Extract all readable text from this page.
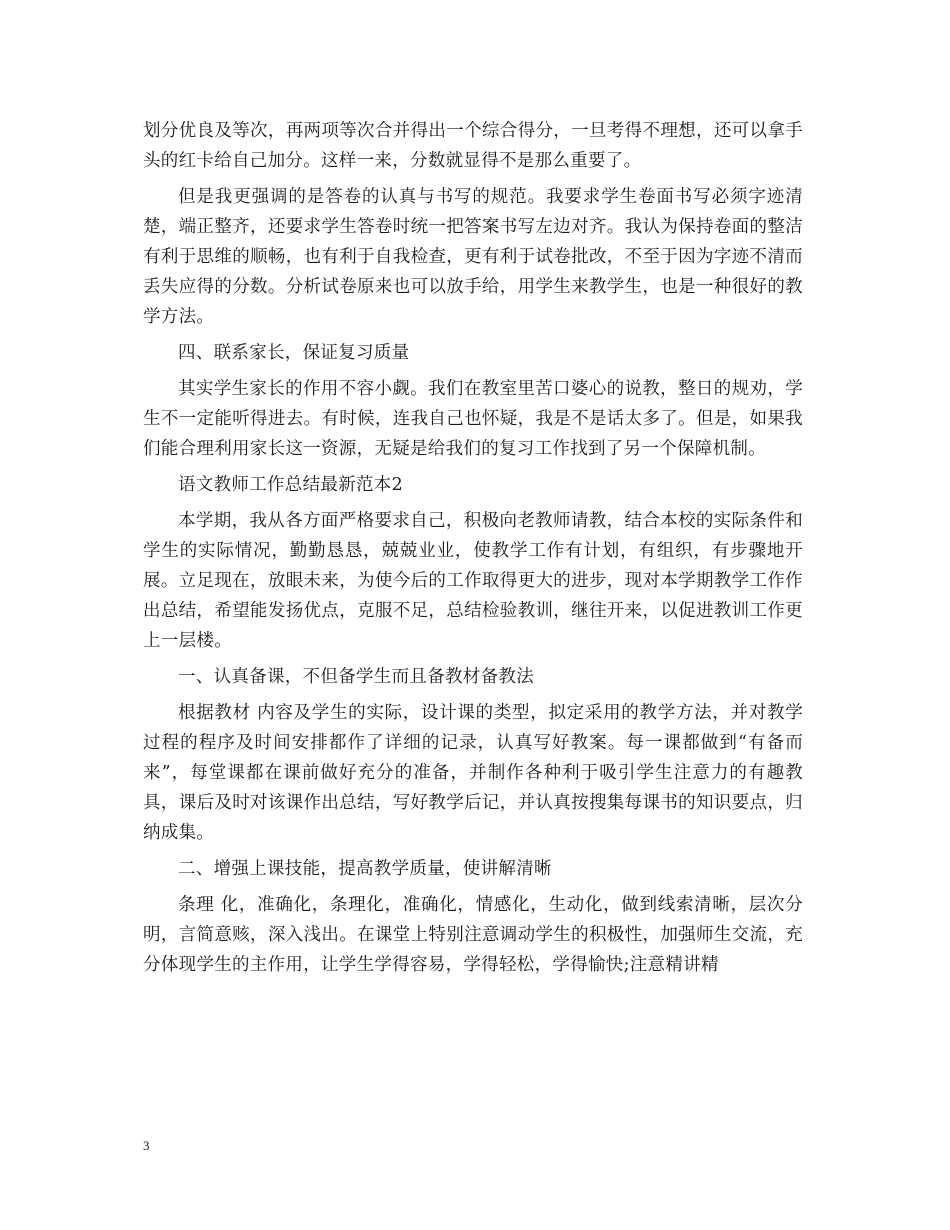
划分优良及等次，再两项等次合并得出一个综合得分，一旦考得不理想，还可以拿手头的红卡给自己加分。这样一来，分数就显得不是那么重要了。

但是我更强调的是答卷的认真与书写的规范。我要求学生卷面书写必须字迹清楚，端正整齐，还要求学生答卷时统一把答案书写左边对齐。我认为保持卷面的整洁有利于思维的顺畅，也有利于自我检查，更有利于试卷批改，不至于因为字迹不清而丢失应得的分数。分析试卷原来也可以放手给，用学生来教学生，也是一种很好的教学方法。

四、联系家长，保证复习质量

其实学生家长的作用不容小觑。我们在教室里苦口婆心的说教，整日的规劝，学生不一定能听得进去。有时候，连我自己也怀疑，我是不是话太多了。但是，如果我们能合理利用家长这一资源，无疑是给我们的复习工作找到了另一个保障机制。

语文教师工作总结最新范本2

本学期，我从各方面严格要求自己，积极向老教师请教，结合本校的实际条件和学生的实际情况，勤勤恳恳，兢兢业业，使教学工作有计划，有组织，有步骤地开展。立足现在，放眼未来，为使今后的工作取得更大的进步，现对本学期教学工作作出总结，希望能发扬优点，克服不足，总结检验教训，继往开来，以促进教训工作更上一层楼。

一、认真备课，不但备学生而且备教材备教法

根据教材 内容及学生的实际，设计课的类型，拟定采用的教学方法，并对教学过程的程序及时间安排都作了详细的记录，认真写好教案。每一课都做到“有备而来”，每堂课都在课前做好充分的准备，并制作各种利于吸引学生注意力的有趣教具，课后及时对该课作出总结，写好教学后记，并认真按搜集每课书的知识要点，归纳成集。

二、增强上课技能，提高教学质量，使讲解清晰

条理 化，准确化，条理化，准确化，情感化，生动化，做到线索清晰，层次分明，言简意赅，深入浅出。在课堂上特别注意调动学生的积极性，加强师生交流，充分体现学生的主作用，让学生学得容易，学得轻松，学得愉快;注意精讲精

3
